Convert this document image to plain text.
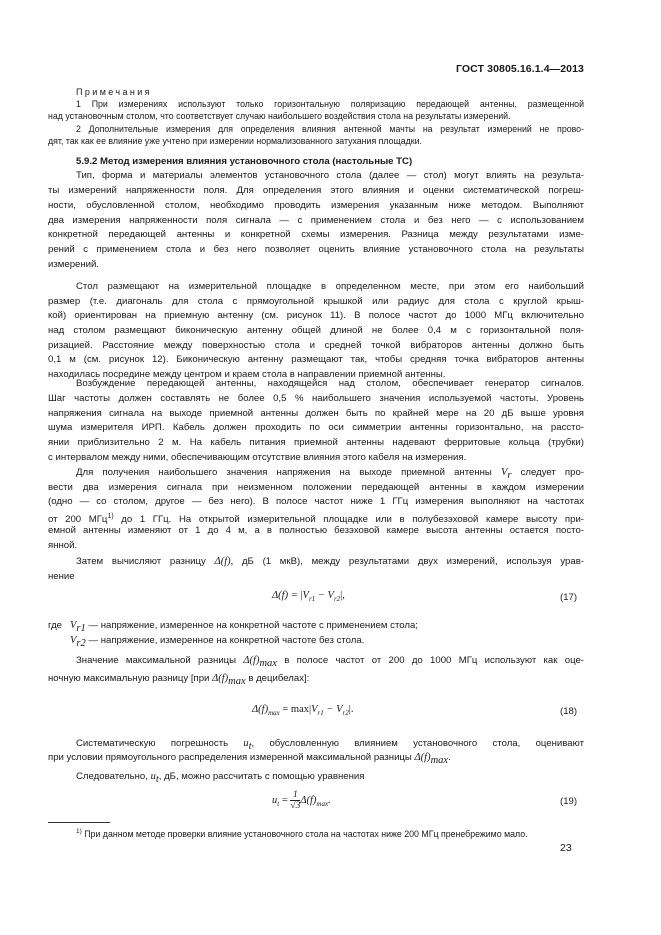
ГОСТ 30805.16.1.4—2013
Примечания
1 При измерениях используют только горизонтальную поляризацию передающей антенны, размещенной
над установочным столом, что соответствует случаю наибольшего воздействия стола на результаты измерений.
2 Дополнительные измерения для определения влияния антенной мачты на результат измерений не прово-
дят, так как ее влияние уже учтено при измерении нормализованного затухания площадки.
5.9.2 Метод измерения влияния установочного стола (настольные ТС)
Тип, форма и материалы элементов установочного стола (далее — стол) могут влиять на результа-
ты измерений напряженности поля. Для определения этого влияния и оценки систематической погреш-
ности, обусловленной столом, необходимо проводить измерения указанным ниже методом. Выполняют
два измерения напряженности поля сигнала — с применением стола и без него — с использованием
конкретной передающей антенны и конкретной схемы измерения. Разница между результатами изме-
рений с применением стола и без него позволяет оценить влияние установочного стола на результаты
измерений.
Стол размещают на измерительной площадке в определенном месте, при этом его наибольший
размер (т.е. диагональ для стола с прямоугольной крышкой или радиус для стола с круглой крыш-
кой) ориентирован на приемную антенну (см. рисунок 11). В полосе частот до 1000 МГц включительно
над столом размещают биконическую антенну общей длиной не более 0,4 м с горизонтальной поля-
ризацией. Расстояние между поверхностью стола и средней точкой вибраторов антенны должно быть
0,1 м (см. рисунок 12). Биконическую антенну размещают так, чтобы средняя точка вибраторов антенны
находилась посредине между центром и краем стола в направлении приемной антенны.
Возбуждение передающей антенны, находящейся над столом, обеспечивает генератор сигналов.
Шаг частоты должен составлять не более 0,5 % наибольшего значения используемой частоты. Уровень
напряжения сигнала на выходе приемной антенны должен быть по крайней мере на 20 дБ выше уровня
шума измерителя ИРП. Кабель должен проходить по оси симметрии антенны горизонтально, на рассто-
янии приблизительно 2 м. На кабель питания приемной антенны надевают ферритовые кольца (трубки)
с интервалом между ними, обеспечивающим отсутствие влияния этого кабеля на измерения.
Для получения наибольшего значения напряжения на выходе приемной антенны $V_r$ следует про-
вести два измерения сигнала при неизменном положении передающей антенны в каждом измерении
(одно — со столом, другое — без него). В полосе частот ниже 1 ГГц измерения выполняют на частотах
от 200 МГц$^{1)}$ до 1 ГГц. На открытой измерительной площадке или в полубезэховой камере высоту при-
емной антенны изменяют от 1 до 4 м, а в полностью безэховой камере высота антенны остается посто-
янной.
Затем вычисляют разницу Δ(f), дБ (1 мкВ), между результатами двух измерений, используя урав-
нение
$\Delta(f) = |V_{r1} - V_{r2}|$,	(17)
где $V_{r1}$ — напряжение, измеренное на конкретной частоте с применением стола;
$V_{r2}$ — напряжение, измеренное на конкретной частоте без стола.
Значение максимальной разницы $\Delta(f)_{max}$ в полосе частот от 200 до 1000 МГц используют как оце-
ночную максимальную разницу [при $\Delta(f)_{max}$ в децибелах]:
$\Delta(f)_{max} = \max|V_{r1} - V_{r2}|$.	(18)
Систематическую погрешность $u_t$, обусловленную влиянием установочного стола, оценивают
при условии прямоугольного распределения измеренной максимальной разницы $\Delta(f)_{max}$.
Следовательно, $u_t$, дБ, можно рассчитать с помощью уравнения
$u_t = \frac{1}{√3} \Delta(f)_{max}$.	(19)
$^{1)}$ При данном методе проверки влияние установочного стола на частотах ниже 200 МГц пренебрежимо мало.
23
